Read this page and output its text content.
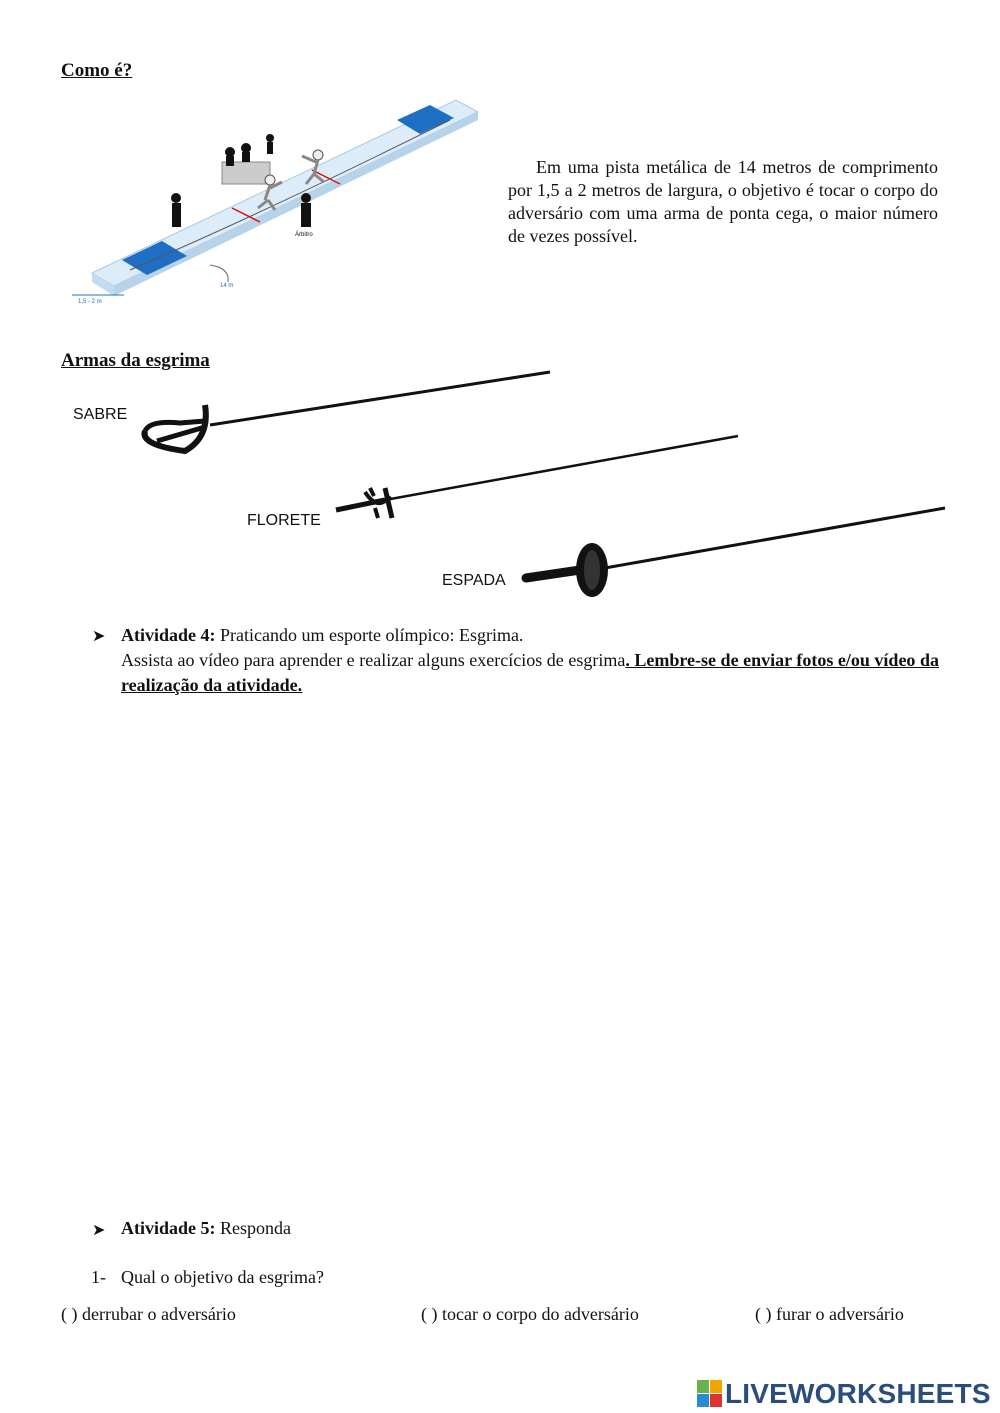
Como é?
Árbitro
14 m
1,5 - 2 m
Em uma pista metálica de 14 metros de comprimento por 1,5 a 2 metros de largura, o objetivo é tocar o corpo do adversário com uma arma de ponta cega, o maior número de vezes possível.
Armas da esgrima
SABRE
FLORETE
ESPADA
➤ Atividade 4: Praticando um esporte olímpico: Esgrima.
Assista ao vídeo para aprender e realizar alguns exercícios de esgrima. Lembre-se de enviar fotos e/ou vídeo da realização da atividade.
➤ Atividade 5: Responda
1- Qual o objetivo da esgrima?
( ) derrubar o adversário	( ) tocar o corpo do adversário	( ) furar o adversário
LIVEWORKSHEETS
